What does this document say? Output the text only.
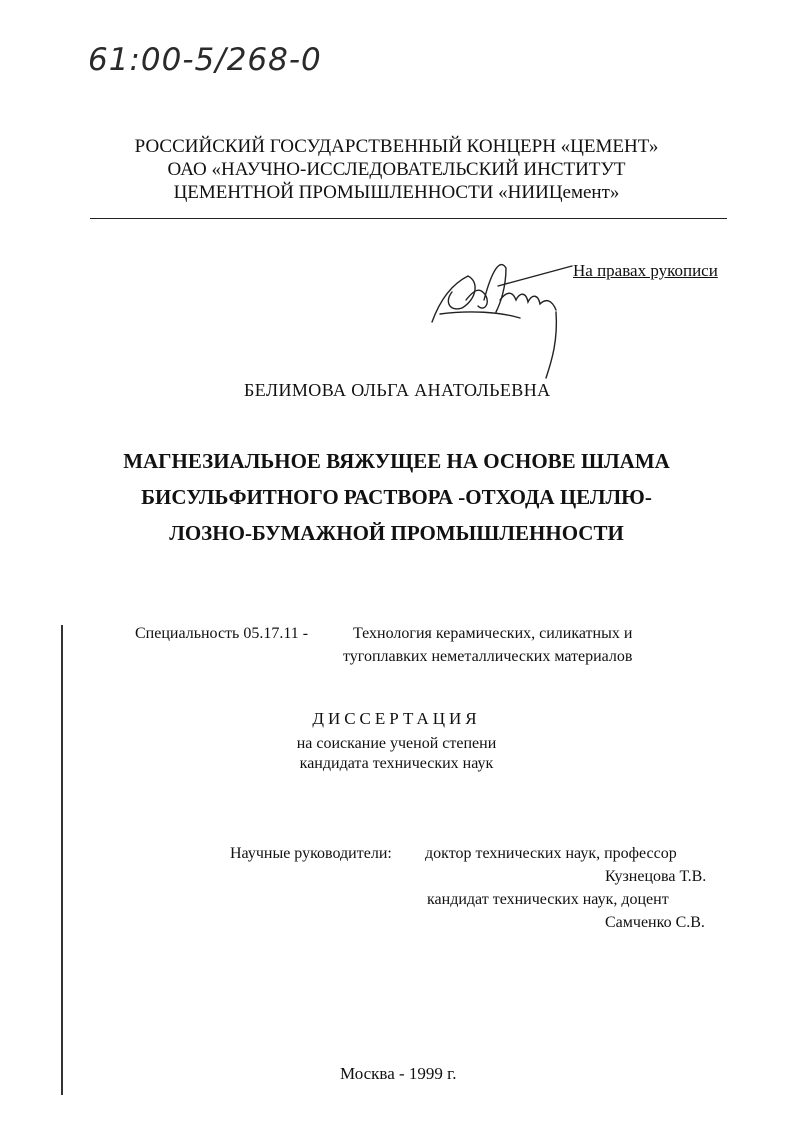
61:00-5/268-0
РОССИЙСКИЙ ГОСУДАРСТВЕННЫЙ КОНЦЕРН «ЦЕМЕНТ»
ОАО «НАУЧНО-ИССЛЕДОВАТЕЛЬСКИЙ ИНСТИТУТ
ЦЕМЕНТНОЙ ПРОМЫШЛЕННОСТИ «НИИЦемент»
На правах рукописи
БЕЛИМОВА ОЛЬГА АНАТОЛЬЕВНА
МАГНЕЗИАЛЬНОЕ ВЯЖУЩЕЕ НА ОСНОВЕ ШЛАМА
БИСУЛЬФИТНОГО РАСТВОРА -ОТХОДА ЦЕЛЛЮ-
ЛОЗНО-БУМАЖНОЙ ПРОМЫШЛЕННОСТИ
Специальность 05.17.11 -	Технология керамических, силикатных и
тугоплавких неметаллических материалов
ДИССЕРТАЦИЯ
на соискание ученой степени
кандидата технических наук
Научные руководители: доктор технических наук, профессор
Кузнецова Т.В.
кандидат технических наук, доцент
Самченко С.В.
Москва - 1999 г.
